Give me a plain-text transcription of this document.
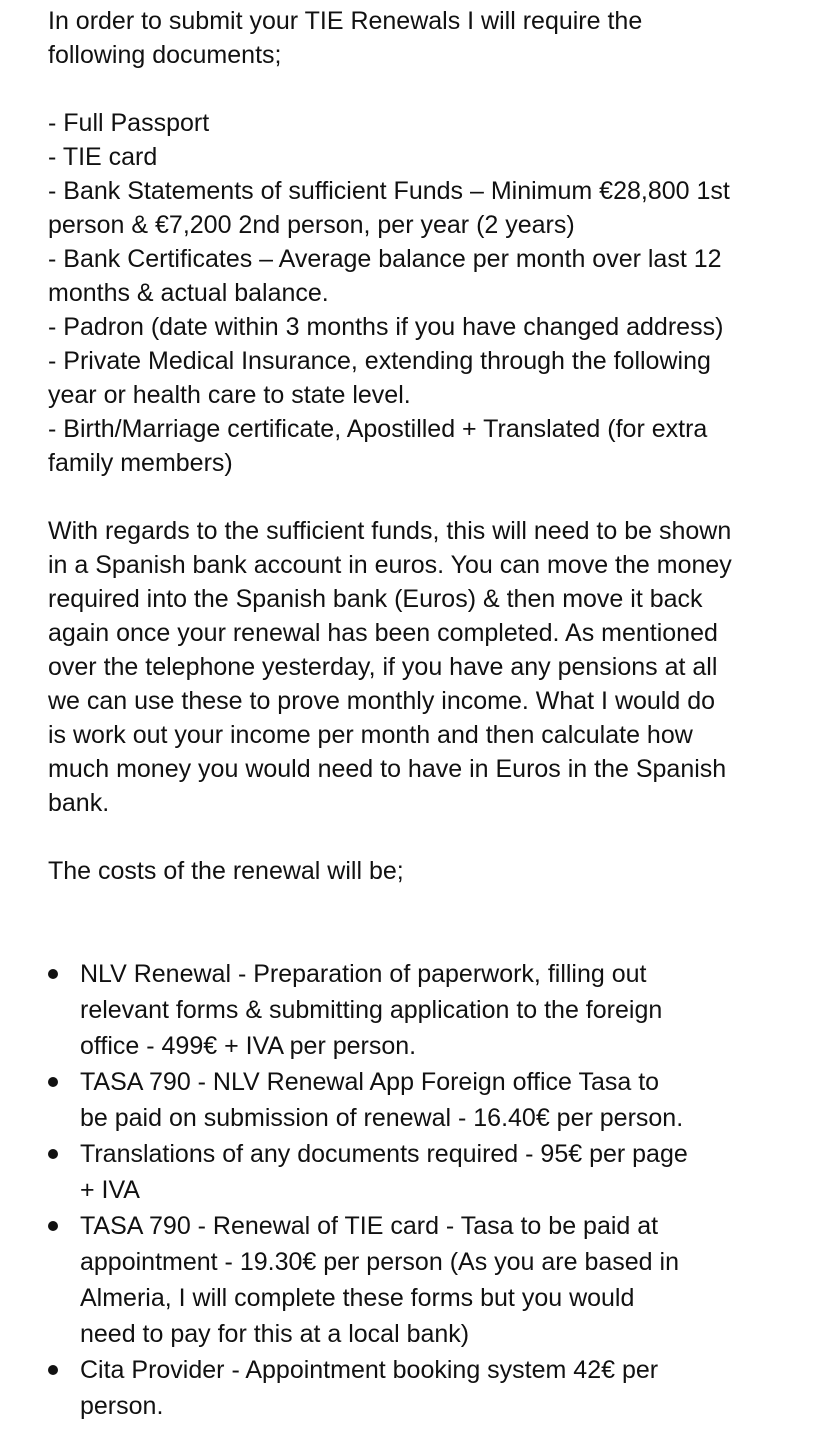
In order to submit your TIE Renewals I will require the
following documents;
- Full Passport
- TIE card
- Bank Statements of sufficient Funds – Minimum €28,800 1st
person & €7,200 2nd person, per year (2 years)
- Bank Certificates – Average balance per month over last 12
months & actual balance.
- Padron (date within 3 months if you have changed address)
- Private Medical Insurance, extending through the following
year or health care to state level.
- Birth/Marriage certificate, Apostilled + Translated (for extra
family members)
With regards to the sufficient funds, this will need to be shown
in a Spanish bank account in euros. You can move the money
required into the Spanish bank (Euros) & then move it back
again once your renewal has been completed. As mentioned
over the telephone yesterday, if you have any pensions at all
we can use these to prove monthly income. What I would do
is work out your income per month and then calculate how
much money you would need to have in Euros in the Spanish
bank.
The costs of the renewal will be;
NLV Renewal - Preparation of paperwork, filling out
relevant forms & submitting application to the foreign
office - 499€ + IVA per person.
TASA 790 - NLV Renewal App Foreign office Tasa to
be paid on submission of renewal - 16.40€ per person.
Translations of any documents required - 95€ per page
+ IVA
TASA 790 - Renewal of TIE card - Tasa to be paid at
appointment - 19.30€ per person (As you are based in
Almeria, I will complete these forms but you would
need to pay for this at a local bank)
Cita Provider - Appointment booking system 42€ per
person.
